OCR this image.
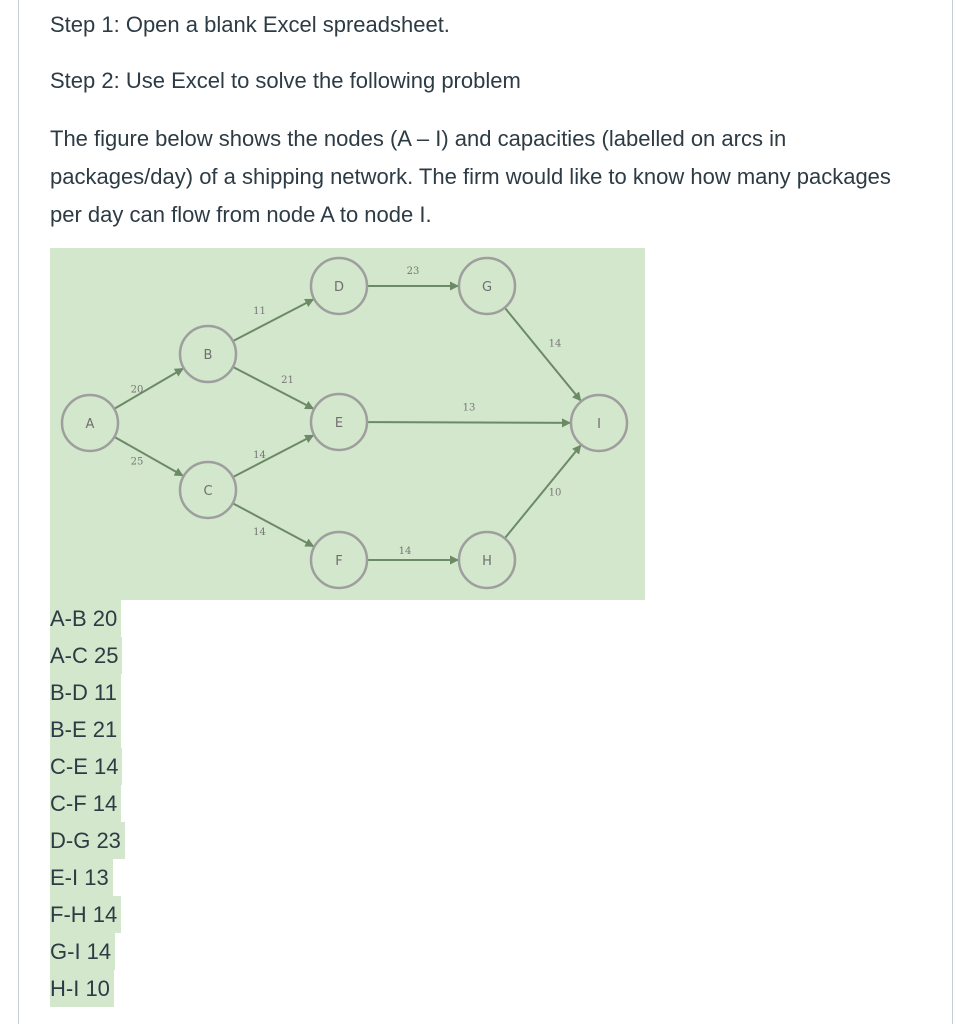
Step 1: Open a blank Excel spreadsheet.

Step 2: Use Excel to solve the following problem

The figure below shows the nodes (A – I) and capacities (labelled on arcs in packages/day) of a shipping network. The firm would like to know how many packages per day can flow from node A to node I.

20
25
11
21
14
14
23
13
14
14
10
A
B
C
D
E
F
G
H
I
A-B 20
A-C 25
B-D 11
B-E 21
C-E 14
C-F 14
D-G 23
E-I 13
F-H 14
G-I 14
H-I 10
